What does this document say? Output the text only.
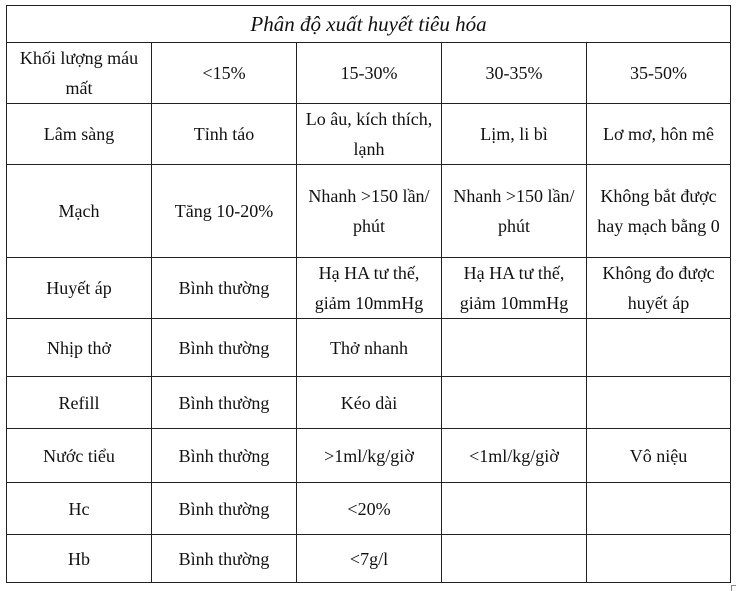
Phân độ xuất huyết tiêu hóa				
Khối lượng máu mất	<15%	15-30%	30-35%	35-50%
Lâm sàng	Tỉnh táo	Lo âu, kích thích, lạnh	Lịm, li bì	Lơ mơ, hôn mê
Mạch	Tăng 10-20%	Nhanh >150 lần/ phút	Nhanh >150 lần/ phút	Không bắt được hay mạch bằng 0
Huyết áp	Bình thường	Hạ HA tư thế, giảm 10mmHg	Hạ HA tư thế, giảm 10mmHg	Không đo được huyết áp
Nhịp thở	Bình thường	Thở nhanh		
Refill	Bình thường	Kéo dài		
Nước tiểu	Bình thường	>1ml/kg/giờ	<1ml/kg/giờ	Vô niệu
Hc	Bình thường	<20%		
Hb	Bình thường	<7g/l		
